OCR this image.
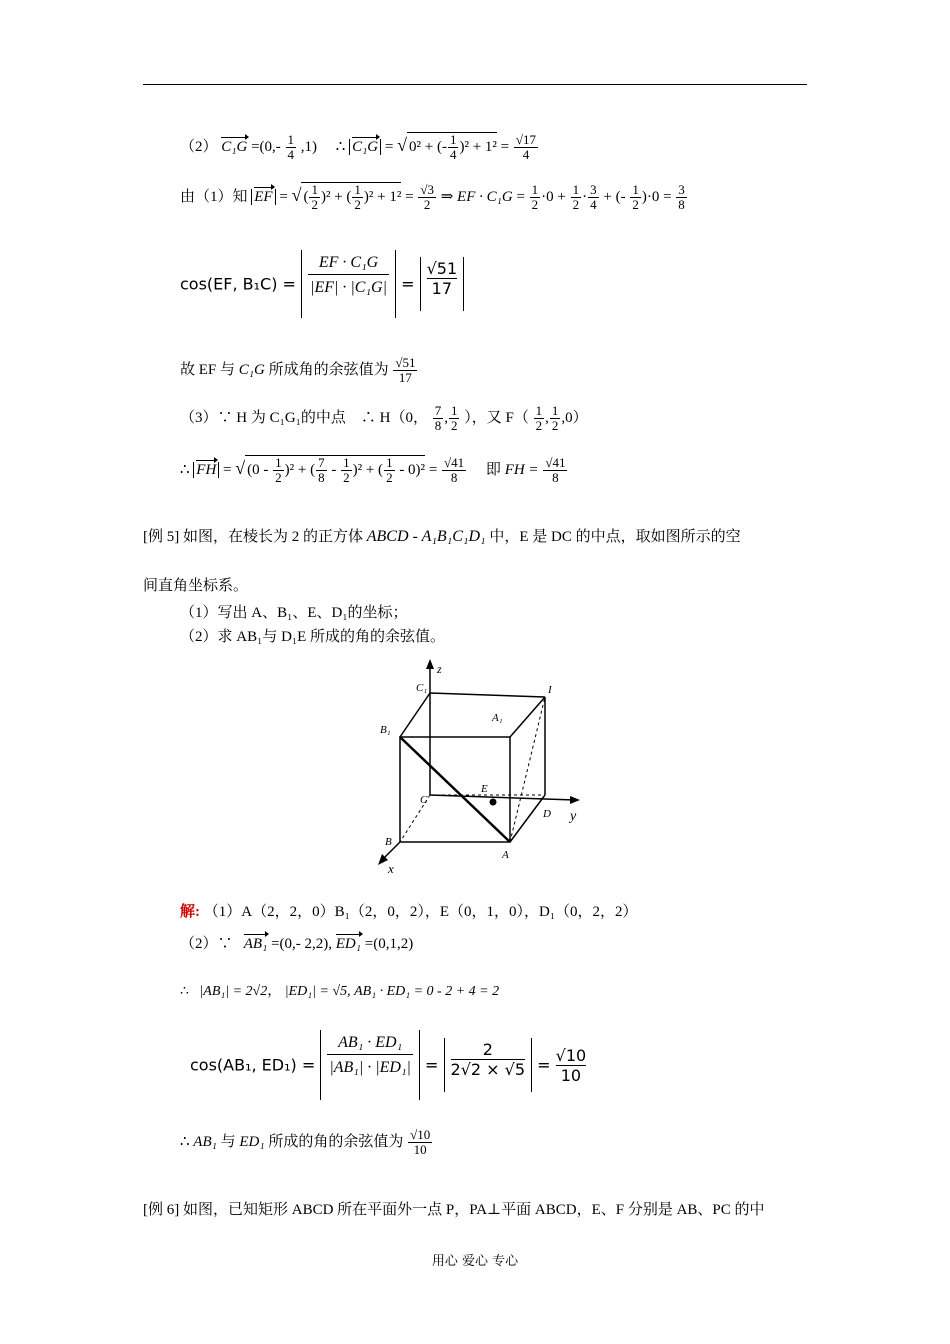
（2） $C_1G =(0,- \frac{1}{4} ,1)$ ∴ C₁G = √ 0² + (- $\frac{1}{4} )^2 + 1^2 = \frac{√17}{4}$
由（1）知 EF = √ ( $\frac{1}{2} )^2$ + ( $\frac{1}{2} )^2 + 1^2 = \frac{√3}{2}$ ⇒ EF · $C_1G = \frac{1}{2} \cdot 0 + \frac{1}{2} \cdot \frac{3}{4}$ + (- $\frac{1}{2} )\cdot 0 = \frac{3}{8}$
cos(EF, $B_1C) = \frac{\text{EF · C₁G}}{\text{|EF| · |C₁G|}} = \frac{√51}{17}$
故 EF 与 C₁G 所成角的余弦值为 $\frac{√51}{17}$
（3）∵ H 为 C₁G₁的中点 ∴ H（0， $\frac{7}{8}$ , $\frac{1}{2}$ ），又 $F( \frac{1}{2}$ , $\frac{1}{2} ,0$）
∴ FH = √ $(0 - \frac{1}{2} )^2$ + ( $\frac{7}{8} - \frac{1}{2} )^2$ + ( $\frac{1}{2} - 0)^2 = \frac{√41}{8}$ 即 FH = $\frac{√41}{8}$
[例 5] 如图，在棱长为 2 的正方体 ABCD - A₁B₁C₁D₁ 中，E 是 DC 的中点，取如图所示的空
间直角坐标系。
（1）写出 A、B₁、E、D₁的坐标；
（2）求 AB₁与 D₁E 所成的角的余弦值。
z
y
x
C₁	I
A₁
B₁
C
E
D
B
A
解: （1）A（2，2，0）B₁（2，0，2），E（0，1，0），D₁（0，2，2）
（2）∵ AB₁ =(0,- 2,2), ED₁ =(0,1,2)
∴ |AB₁| = 2√2， |ED₁| = √5, AB₁ · ED₁ = 0 - 2 + 4 = 2
cos(AB₁, $ED_1) = \frac{\text{AB₁ · ED₁}}{\text{|AB₁| · |ED₁|}} = \frac{2}{2√2 \times √5} = \frac{√10}{10}$
∴ AB₁ 与 ED₁ 所成的角的余弦值为 $\frac{√10}{10}$
[例 6] 如图，已知矩形 ABCD 所在平面外一点 P，PA⊥平面 ABCD，E、F 分别是 AB、PC 的中
用心 爱心 专心
